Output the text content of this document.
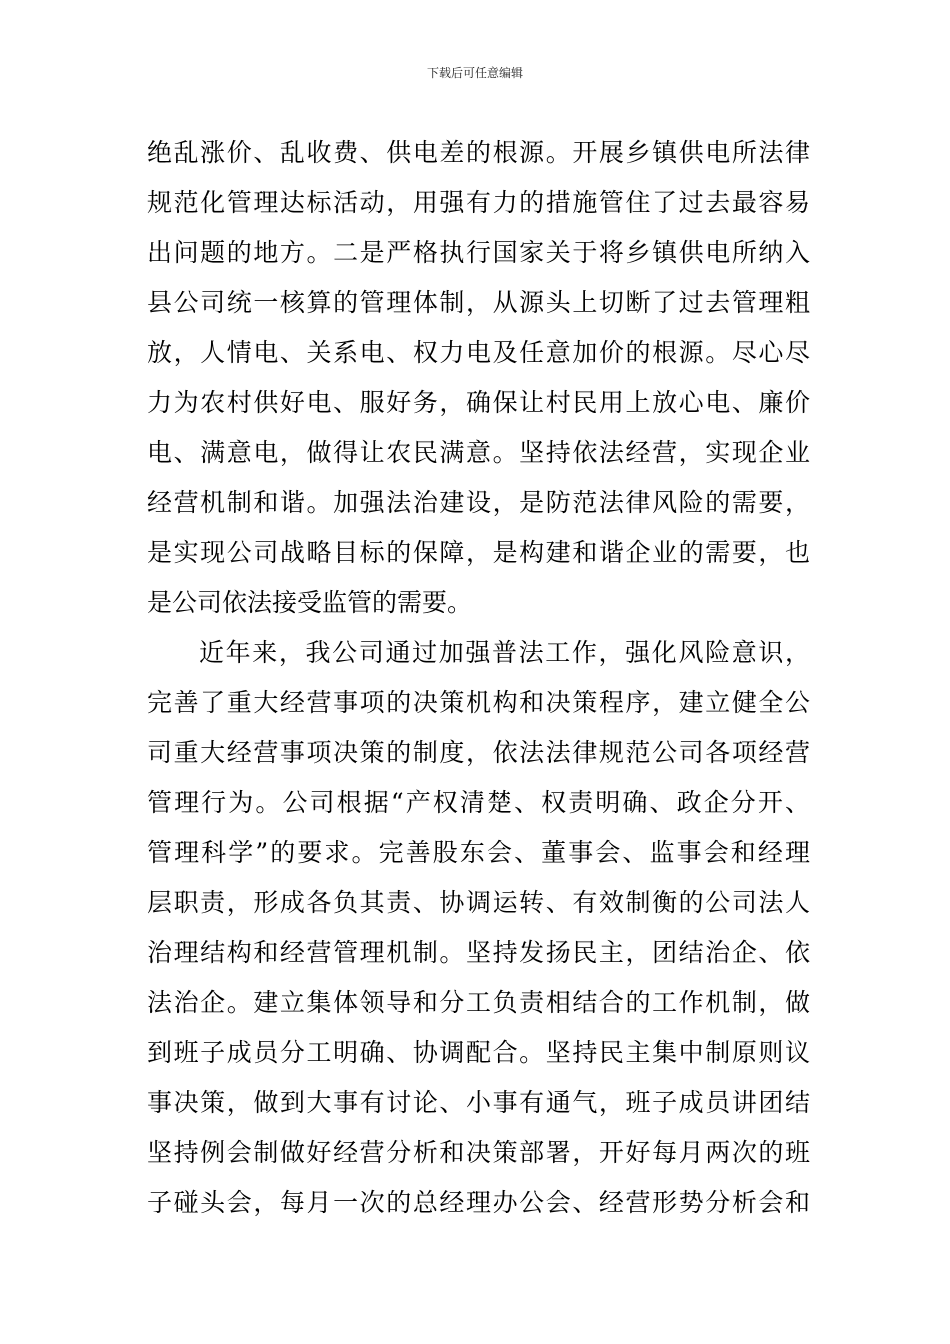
下载后可任意编辑
绝乱涨价、乱收费、供电差的根源。开展乡镇供电所法律
规范化管理达标活动，用强有力的措施管住了过去最容易
出问题的地方。二是严格执行国家关于将乡镇供电所纳入
县公司统一核算的管理体制，从源头上切断了过去管理粗
放，人情电、关系电、权力电及任意加价的根源。尽心尽
力为农村供好电、服好务，确保让村民用上放心电、廉价
电、满意电，做得让农民满意。坚持依法经营，实现企业
经营机制和谐。加强法治建设，是防范法律风险的需要，
是实现公司战略目标的保障，是构建和谐企业的需要，也
是公司依法接受监管的需要。
近年来，我公司通过加强普法工作，强化风险意识，
完善了重大经营事项的决策机构和决策程序，建立健全公
司重大经营事项决策的制度，依法法律规范公司各项经营
管理行为。公司根据“产权清楚、权责明确、政企分开、
管理科学”的要求。完善股东会、董事会、监事会和经理
层职责，形成各负其责、协调运转、有效制衡的公司法人
治理结构和经营管理机制。坚持发扬民主，团结治企、依
法治企。建立集体领导和分工负责相结合的工作机制，做
到班子成员分工明确、协调配合。坚持民主集中制原则议
事决策，做到大事有讨论、小事有通气，班子成员讲团结
坚持例会制做好经营分析和决策部署，开好每月两次的班
子碰头会，每月一次的总经理办公会、经营形势分析会和
